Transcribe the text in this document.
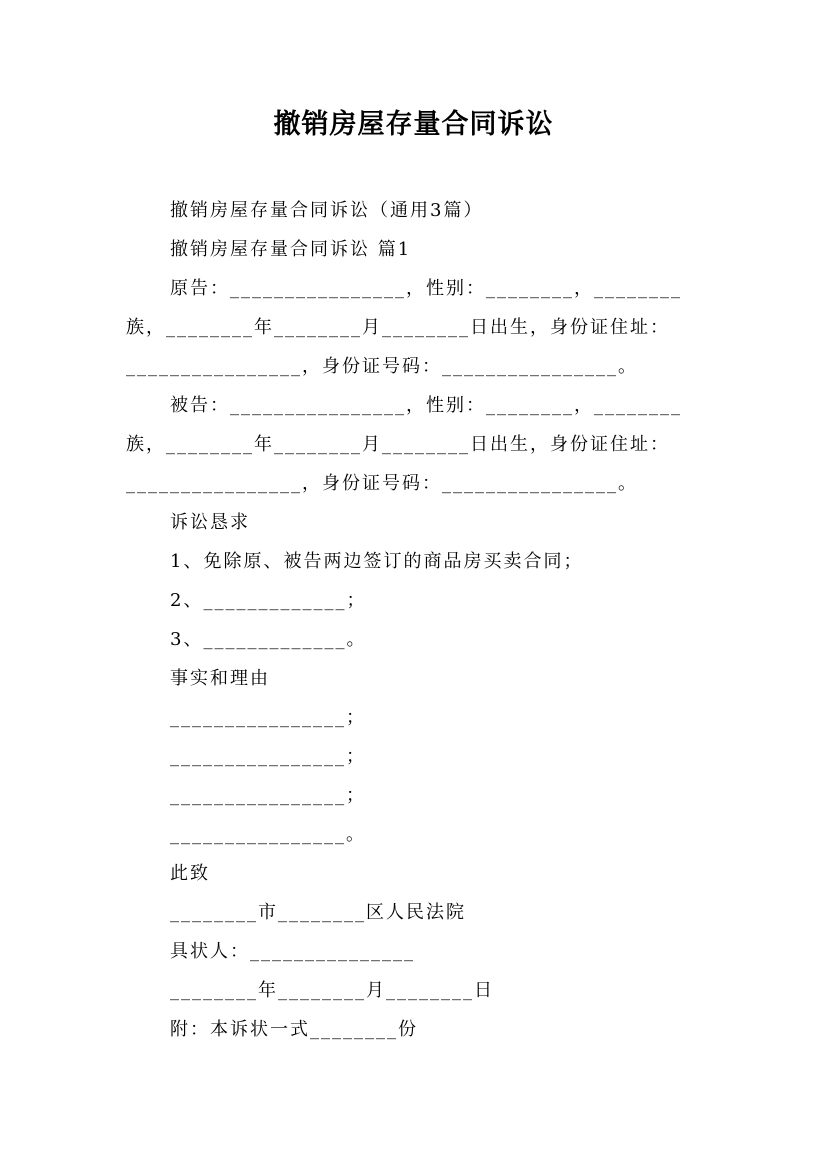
撤销房屋存量合同诉讼
撤销房屋存量合同诉讼（通用3篇）
撤销房屋存量合同诉讼 篇1
原告：________________，性别：________，________
族，________年________月________日出生，身份证住址：
________________，身份证号码：________________。
被告：________________，性别：________，________
族，________年________月________日出生，身份证住址：
________________，身份证号码：________________。
诉讼恳求
1、免除原、被告两边签订的商品房买卖合同；
2、_____________；
3、_____________。
事实和理由
________________；
________________；
________________；
________________。
此致
________市________区人民法院
具状人：_______________
________年________月________日
附：本诉状一式________份
